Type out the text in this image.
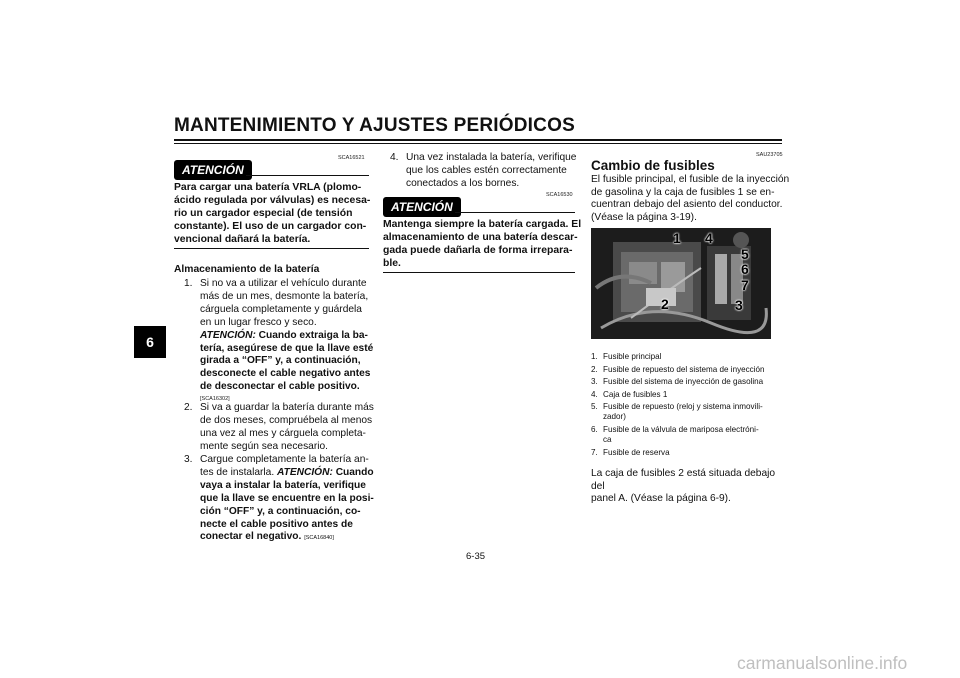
MANTENIMIENTO Y AJUSTES PERIÓDICOS
6
SCA16521
ATENCIÓN
Para cargar una batería VRLA (plomo-
ácido regulada por válvulas) es necesa-
rio un cargador especial (de tensión
constante). El uso de un cargador con-
vencional dañará la batería.
Almacenamiento de la batería
1. Si no va a utilizar el vehículo durante
más de un mes, desmonte la batería,
cárguela completamente y guárdela
en un lugar fresco y seco.
ATENCIÓN: Cuando extraiga la ba-
tería, asegúrese de que la llave esté
girada a “OFF” y, a continuación,
desconecte el cable negativo antes
de desconectar el cable positivo.
[SCA16302]
2. Si va a guardar la batería durante más
de dos meses, compruébela al menos
una vez al mes y cárguela completa-
mente según sea necesario.
3. Cargue completamente la batería an-
tes de instalarla. ATENCIÓN: Cuando
vaya a instalar la batería, verifique
que la llave se encuentre en la posi-
ción “OFF” y, a continuación, co-
necte el cable positivo antes de
conectar el negativo. [SCA16840]
4. Una vez instalada la batería, verifique
que los cables estén correctamente
conectados a los bornes.
SCA16530
ATENCIÓN
Mantenga siempre la batería cargada. El
almacenamiento de una batería descar-
gada puede dañarla de forma irrepara-
ble.
SAU23705
Cambio de fusibles
El fusible principal, el fusible de la inyección
de gasolina y la caja de fusibles 1 se en-
cuentran debajo del asiento del conductor.
(Véase la página 3-19).
1 4
5
6
7
2	3
1. Fusible principal
2. Fusible de repuesto del sistema de inyección
3. Fusible del sistema de inyección de gasolina
4. Caja de fusibles 1
5. Fusible de repuesto (reloj y sistema inmovili-
zador)
6. Fusible de la válvula de mariposa electróni-
ca
7. Fusible de reserva
La caja de fusibles 2 está situada debajo del
panel A. (Véase la página 6-9).
6-35
carmanualsonline.info
